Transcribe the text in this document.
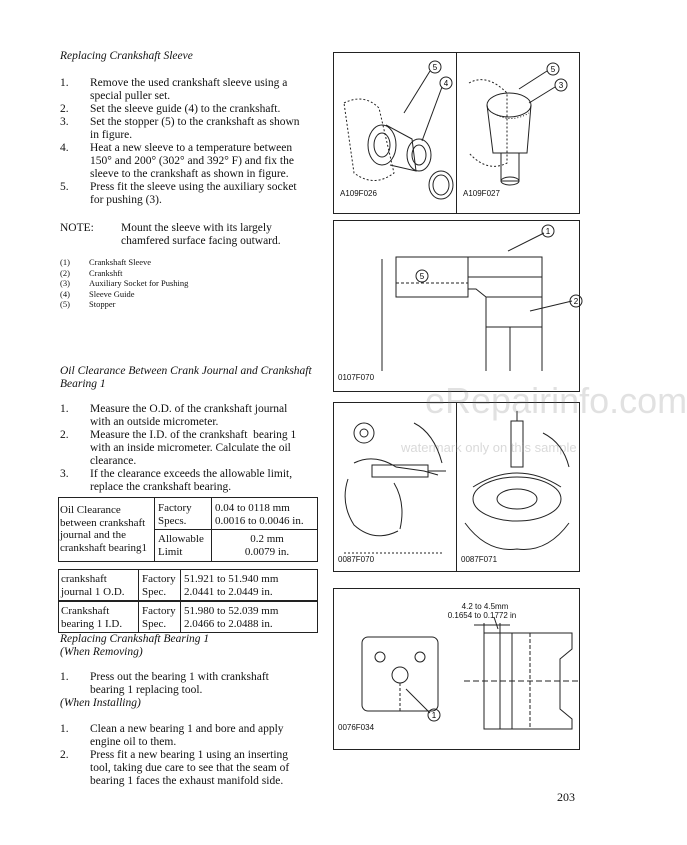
Replacing Crankshaft Sleeve
1. Remove the used crankshaft sleeve using a
special puller set.
2. Set the sleeve guide (4) to the crankshaft.
3. Set the stopper (5) to the crankshaft as shown
in figure.
4. Heat a new sleeve to a temperature between
150° and 200° (302° and 392° F) and fix the
sleeve to the crankshaft as shown in figure.
5. Press fit the sleeve using the auxiliary socket
for pushing (3).
NOTE: Mount the sleeve with its largely
chamfered surface facing outward.
(1) Crankshaft Sleeve
(2) Crankshft
(3) Auxiliary Socket for Pushing
(4) Sleeve Guide
(5) Stopper
Oil Clearance Between Crank Journal and Crankshaft
Bearing 1
1. Measure the O.D. of the crankshaft journal
with an outside micrometer.
2. Measure the I.D. of the crankshaft  bearing 1
with an inside micrometer. Calculate the oil
clearance.
3. If the clearance exceeds the allowable limit,
replace the crankshaft bearing.
Oil Clearance
between crankshaft
journal and the
crankshaft bearing1
Factory
Specs.
0.04 to 0118 mm
0.0016 to 0.0046 in.
Allowable
Limit
0.2 mm
0.0079 in.
crankshaft
journal 1 O.D.
Factory
Spec.
51.921 to 51.940 mm
2.0441 to 2.0449 in.
Crankshaft
bearing 1 I.D.
Factory
Spec.
51.980 to 52.039 mm
2.0466 to 2.0488 in.
Replacing Crankshaft Bearing 1
(When Removing)
1. Press out the bearing 1 with crankshaft
bearing 1 replacing tool.
(When Installing)
1. Clean a new bearing 1 and bore and apply
engine oil to them.
2. Press fit a new bearing 1 using an inserting
tool, taking due care to see that the seam of
bearing 1 faces the exhaust manifold side.
5
4
A109F026
5
3
A109F027
5
1
2
0107F070
0087F070	0087F071
1
4.2 to 4.5mm
0.1654 to 0.1772 in
0076F034
eRepairinfo.com
watermark only on this sample
203
